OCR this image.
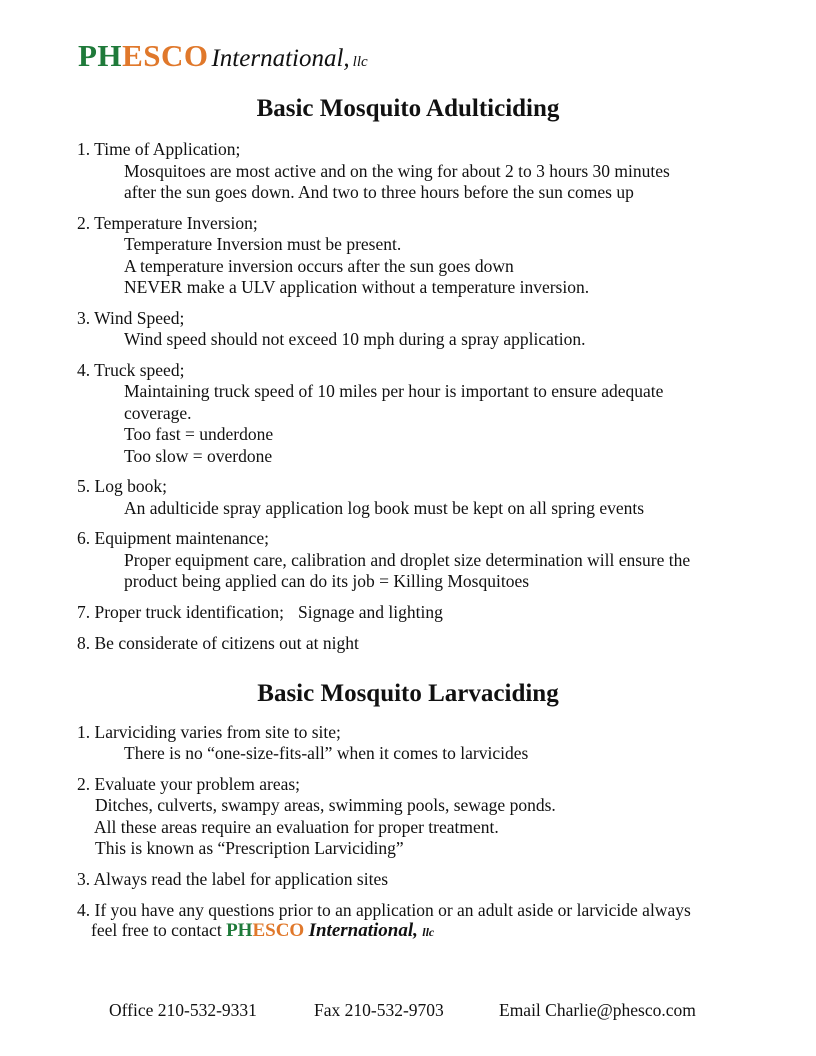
PHESCO International, llc
Basic Mosquito Adulticiding
1. Time of Application;
Mosquitoes are most active and on the wing for about 2 to 3 hours 30 minutes
after the sun goes down. And two to three hours before the sun comes up
2. Temperature Inversion;
Temperature Inversion must be present.
A temperature inversion occurs after the sun goes down
NEVER make a ULV application without a temperature inversion.
3. Wind Speed;
Wind speed should not exceed 10 mph during a spray application.
4. Truck speed;
Maintaining truck speed of 10 miles per hour is important to ensure adequate
coverage.
Too fast = underdone
Too slow = overdone
5. Log book;
An adulticide spray application log book must be kept on all spring events
6. Equipment maintenance;
Proper equipment care, calibration and droplet size determination will ensure the
product being applied can do its job = Killing Mosquitoes
7. Proper truck identification; Signage and lighting
8. Be considerate of citizens out at night
Basic Mosquito Larvaciding
1. Larviciding varies from site to site;
There is no “one-size-fits-all” when it comes to larvicides
2. Evaluate your problem areas;
Ditches, culverts, swampy areas, swimming pools, sewage ponds.
All these areas require an evaluation for proper treatment.
This is known as “Prescription Larviciding”
3. Always read the label for application sites
4. If you have any questions prior to an application or an adult aside or larvicide always
feel free to contact PHESCO International, llc
Office 210-532-9331	Fax 210-532-9703	Email Charlie@phesco.com
